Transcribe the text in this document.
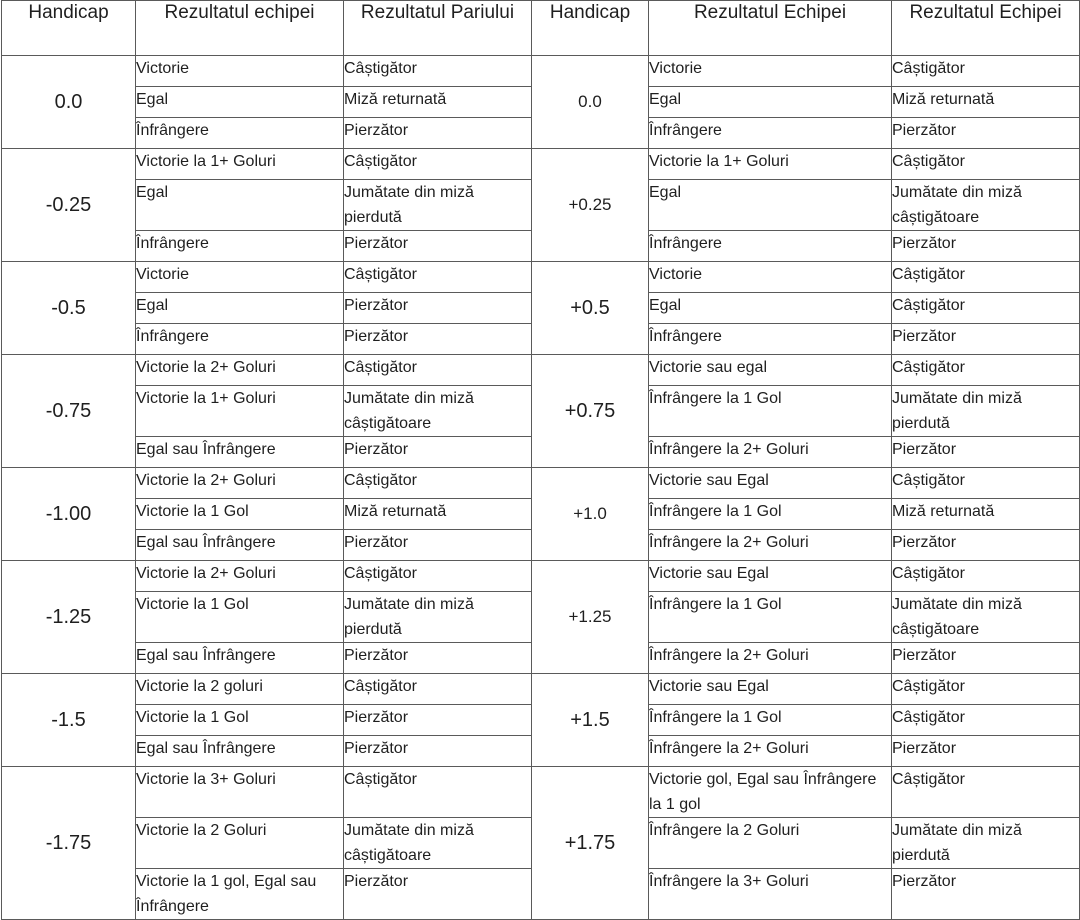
Handicap	Rezultatul echipei	Rezultatul Pariului	Handicap	Rezultatul Echipei	Rezultatul Echipei
0.0	Victorie	Câștigător	0.0	Victorie	Câștigător
	Egal	Miză returnată		Egal	Miză returnată
	Înfrângere	Pierzător		Înfrângere	Pierzător
-0.25	Victorie la 1+ Goluri	Câștigător	+0.25	Victorie la 1+ Goluri	Câștigător
	Egal	Jumătate din miză pierdută		Egal	Jumătate din miză câștigătoare
	Înfrângere	Pierzător		Înfrângere	Pierzător
-0.5	Victorie	Câștigător	+0.5	Victorie	Câștigător
	Egal	Pierzător		Egal	Câștigător
	Înfrângere	Pierzător		Înfrângere	Pierzător
-0.75	Victorie la 2+ Goluri	Câștigător	+0.75	Victorie sau egal	Câștigător
	Victorie la 1+ Goluri	Jumătate din miză câștigătoare		Înfrângere la 1 Gol	Jumătate din miză pierdută
	Egal sau Înfrângere	Pierzător		Înfrângere la 2+ Goluri	Pierzător
-1.00	Victorie la 2+ Goluri	Câștigător	+1.0	Victorie sau Egal	Câștigător
	Victorie la 1 Gol	Miză returnată		Înfrângere la 1 Gol	Miză returnată
	Egal sau Înfrângere	Pierzător		Înfrângere la 2+ Goluri	Pierzător
-1.25	Victorie la 2+ Goluri	Câștigător	+1.25	Victorie sau Egal	Câștigător
	Victorie la 1 Gol	Jumătate din miză pierdută		Înfrângere la 1 Gol	Jumătate din miză câștigătoare
	Egal sau Înfrângere	Pierzător		Înfrângere la 2+ Goluri	Pierzător
-1.5	Victorie la 2 goluri	Câștigător	+1.5	Victorie sau Egal	Câștigător
	Victorie la 1 Gol	Pierzător		Înfrângere la 1 Gol	Câștigător
	Egal sau Înfrângere	Pierzător		Înfrângere la 2+ Goluri	Pierzător
-1.75	Victorie la 3+ Goluri	Câștigător	+1.75	Victorie gol, Egal sau Înfrângere la 1 gol	Câștigător
	Victorie la 2 Goluri	Jumătate din miză câștigătoare		Înfrângere la 2 Goluri	Jumătate din miză pierdută
	Victorie la 1 gol, Egal sau Înfrângere	Pierzător		Înfrângere la 3+ Goluri	Pierzător
